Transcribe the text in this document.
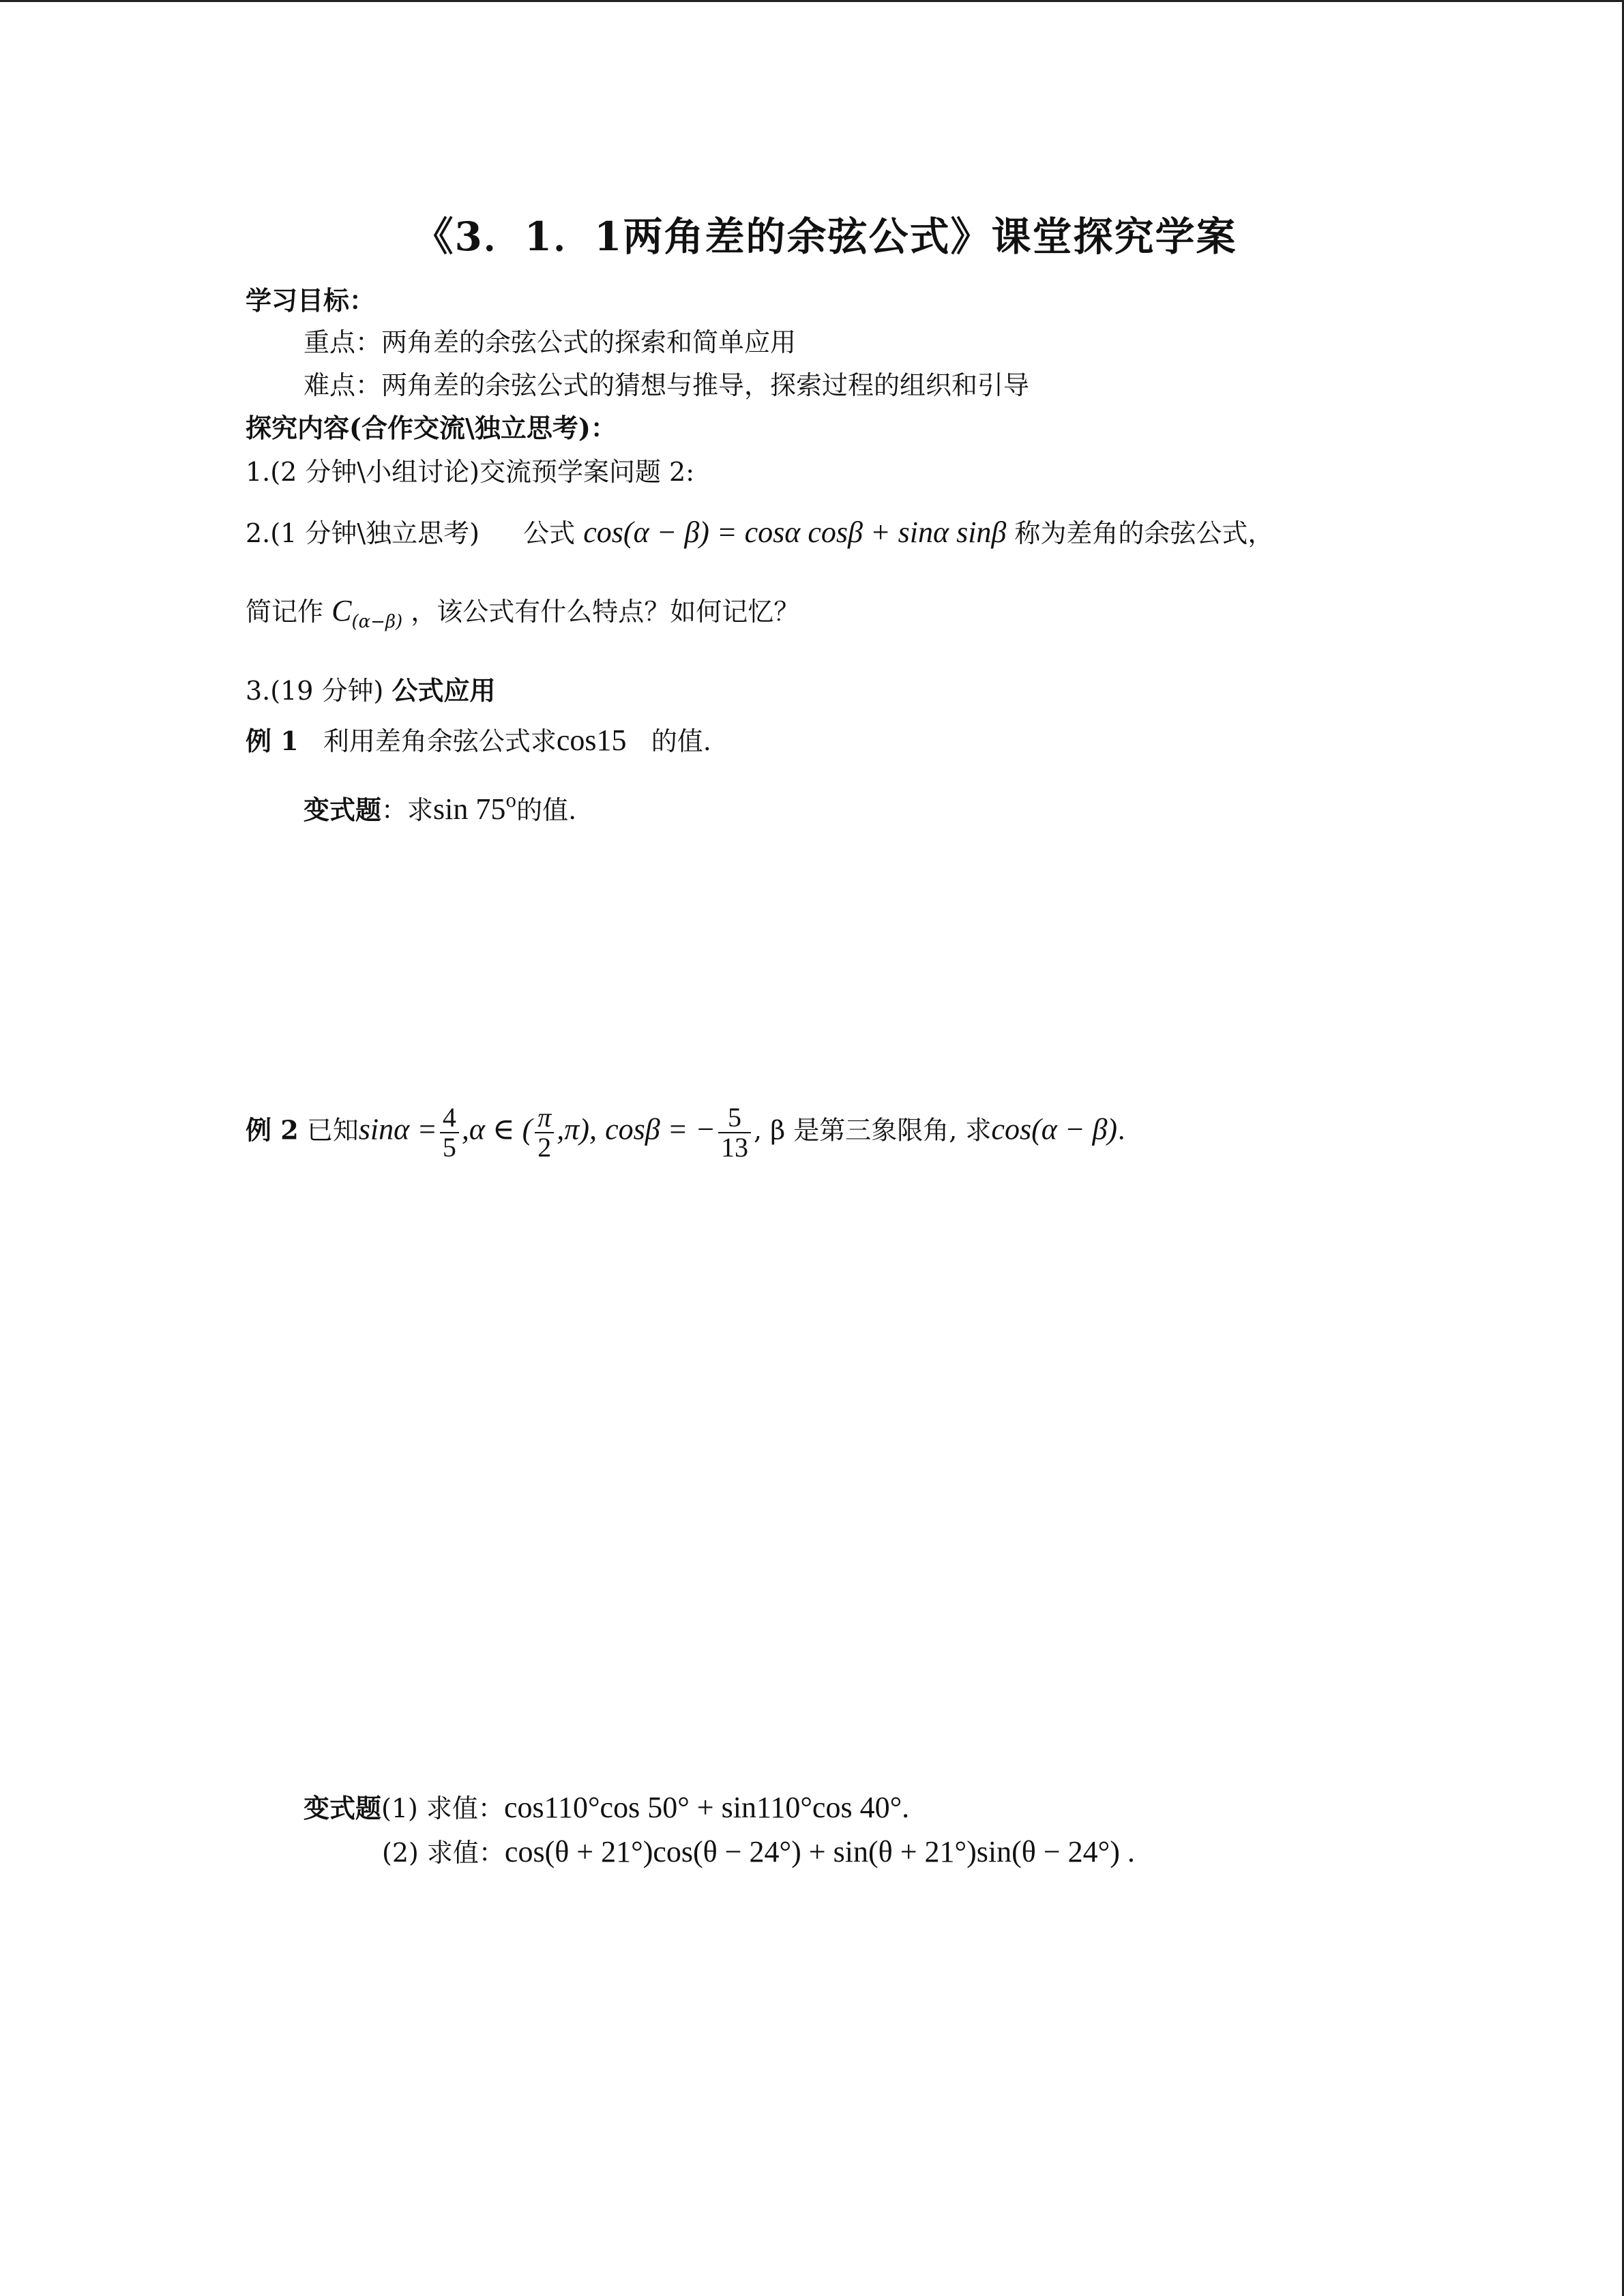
《3．1．1两角差的余弦公式》课堂探究学案
学习目标：
重点：两角差的余弦公式的探索和简单应用
难点：两角差的余弦公式的猜想与推导，探索过程的组织和引导
探究内容(合作交流\独立思考)：
1.(2 分钟\小组讨论)交流预学案问题 2:
2.(1 分钟\独立思考) 公式 cos(α − β) = cosα cosβ + sinα sinβ 称为差角的余弦公式，
简记作 $C_{(\alpha-\beta)}$ ，该公式有什么特点？如何记忆？
3.(19 分钟) 公式应用
例 1 利用差角余弦公式求cos15 的值.
变式题：求sin 75$^o$的值.
例 2 已知$\sin\alpha = \frac{4}{5} ,\alpha$ ∈ ( $\frac{\pi}{2} ,\pi$), cosβ = − $\frac{5}{13}$ , β 是第三象限角, 求cos(α − β).
变式题(1) 求值：cos110°cos 50° + sin110°cos 40°.
(2) 求值：cos(θ + 21°)cos(θ − 24°) + sin(θ + 21°)sin(θ − 24°) .
